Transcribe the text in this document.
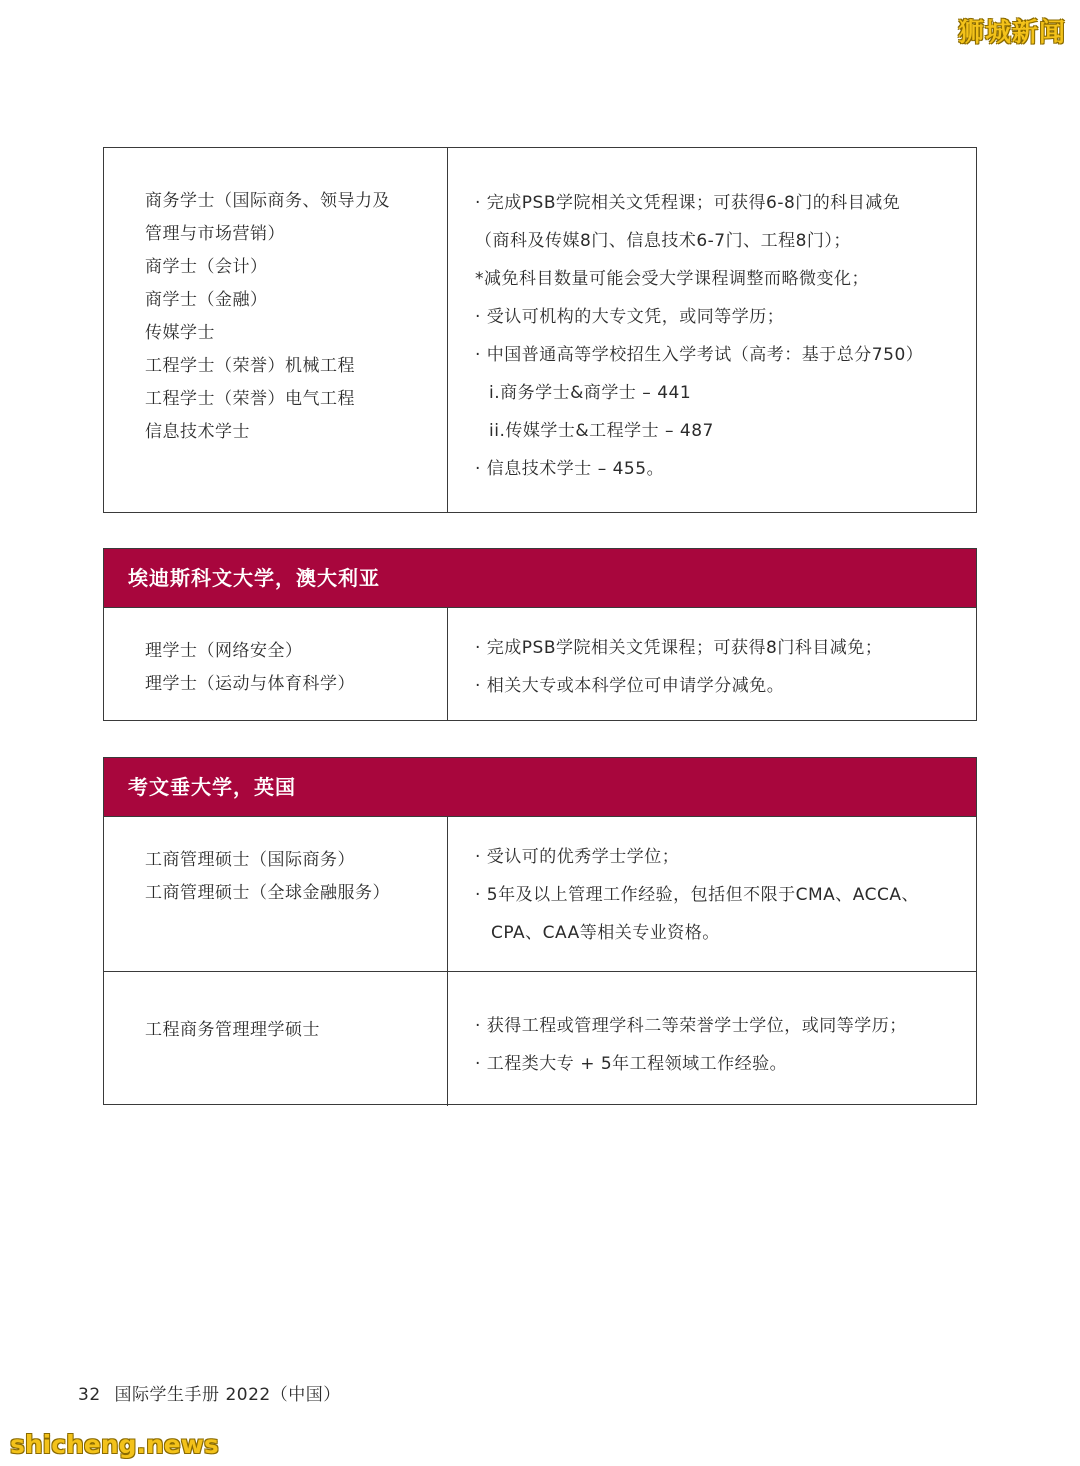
狮城新闻
商务学士（国际商务、领导力及
管理与市场营销）
商学士（会计）
商学士（金融）
传媒学士
工程学士（荣誉）机械工程
工程学士（荣誉）电气工程
信息技术学士
· 完成PSB学院相关文凭程课；可获得6-8门的科目减免
（商科及传媒8门、信息技术6-7门、工程8门）；
*减免科目数量可能会受大学课程调整而略微变化；
· 受认可机构的大专文凭，或同等学历；
· 中国普通高等学校招生入学考试（高考：基于总分750）
i.商务学士&商学士 – 441
ii.传媒学士&工程学士 – 487
· 信息技术学士 – 455。
埃迪斯科文大学，澳大利亚
理学士（网络安全）
理学士（运动与体育科学）
· 完成PSB学院相关文凭课程；可获得8门科目减免；
· 相关大专或本科学位可申请学分减免。
考文垂大学，英国
工商管理硕士（国际商务）
工商管理硕士（全球金融服务）
· 受认可的优秀学士学位；
· 5年及以上管理工作经验，包括但不限于CMA、ACCA、
CPA、CAA等相关专业资格。
工程商务管理理学硕士	· 获得工程或管理学科二等荣誉学士学位，或同等学历；
· 工程类大专 + 5年工程领域工作经验。
32 国际学生手册 2022（中国）
shicheng.news
